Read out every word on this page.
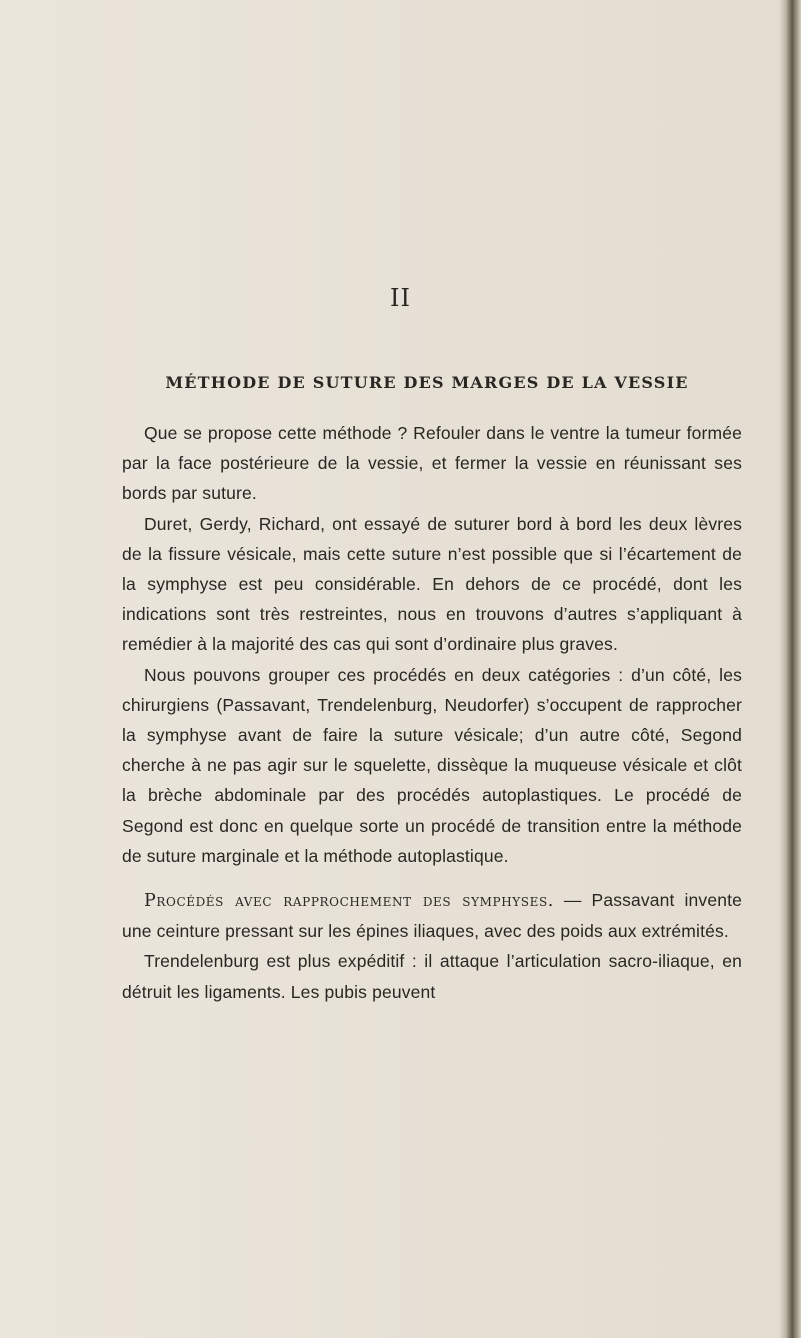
II
MÉTHODE DE SUTURE DES MARGES DE LA VESSIE

Que se propose cette méthode ? Refouler dans le ventre la tumeur formée par la face postérieure de la vessie, et fermer la vessie en réunissant ses bords par suture.

Duret, Gerdy, Richard, ont essayé de suturer bord à bord les deux lèvres de la fissure vésicale, mais cette suture n’est possible que si l’écartement de la symphyse est peu considérable. En dehors de ce procédé, dont les indications sont très restreintes, nous en trouvons d’autres s’appliquant à remédier à la majorité des cas qui sont d’ordinaire plus graves.

Nous pouvons grouper ces procédés en deux catégories : d’un côté, les chirurgiens (Passavant, Trendelenburg, Neudorfer) s’occupent de rapprocher la symphyse avant de faire la suture vésicale; d’un autre côté, Segond cherche à ne pas agir sur le squelette, dissèque la muqueuse vésicale et clôt la brèche abdominale par des procédés autoplastiques. Le procédé de Segond est donc en quelque sorte un procédé de transition entre la méthode de suture marginale et la méthode autoplastique.

Procédés avec rapprochement des symphyses. — Passavant invente une ceinture pressant sur les épines iliaques, avec des poids aux extrémités.

Trendelenburg est plus expéditif : il attaque l’articulation sacro-iliaque, en détruit les ligaments. Les pubis peuvent
